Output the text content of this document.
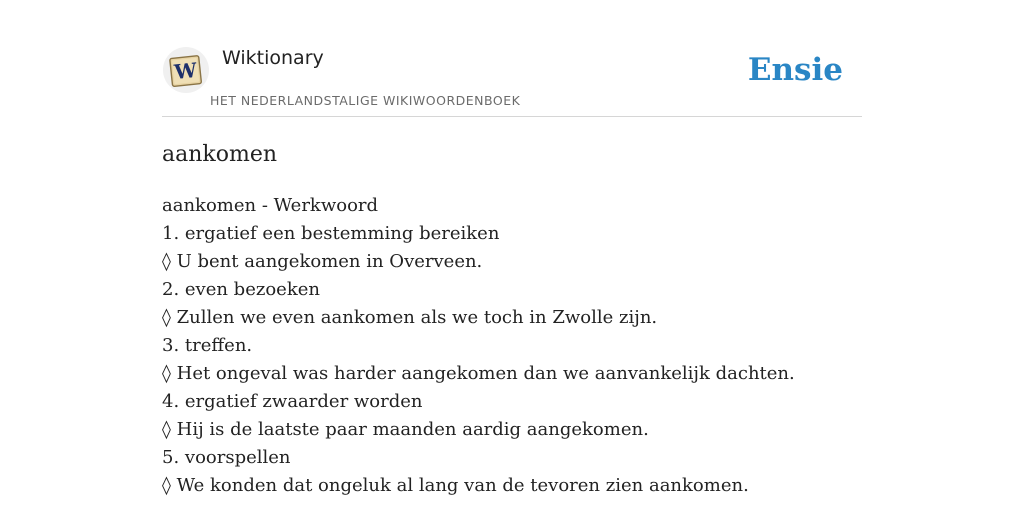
W Wiktionary
HET NEDERLANDSTALIGE WIKIWOORDENBOEK
Ensie
aankomen
aankomen - Werkwoord
1. ergatief een bestemming bereiken
◊ U bent aangekomen in Overveen.
2. even bezoeken
◊ Zullen we even aankomen als we toch in Zwolle zijn.
3. treffen.
◊ Het ongeval was harder aangekomen dan we aanvankelijk dachten.
4. ergatief zwaarder worden
◊ Hij is de laatste paar maanden aardig aangekomen.
5. voorspellen
◊ We konden dat ongeluk al lang van de tevoren zien aankomen.
